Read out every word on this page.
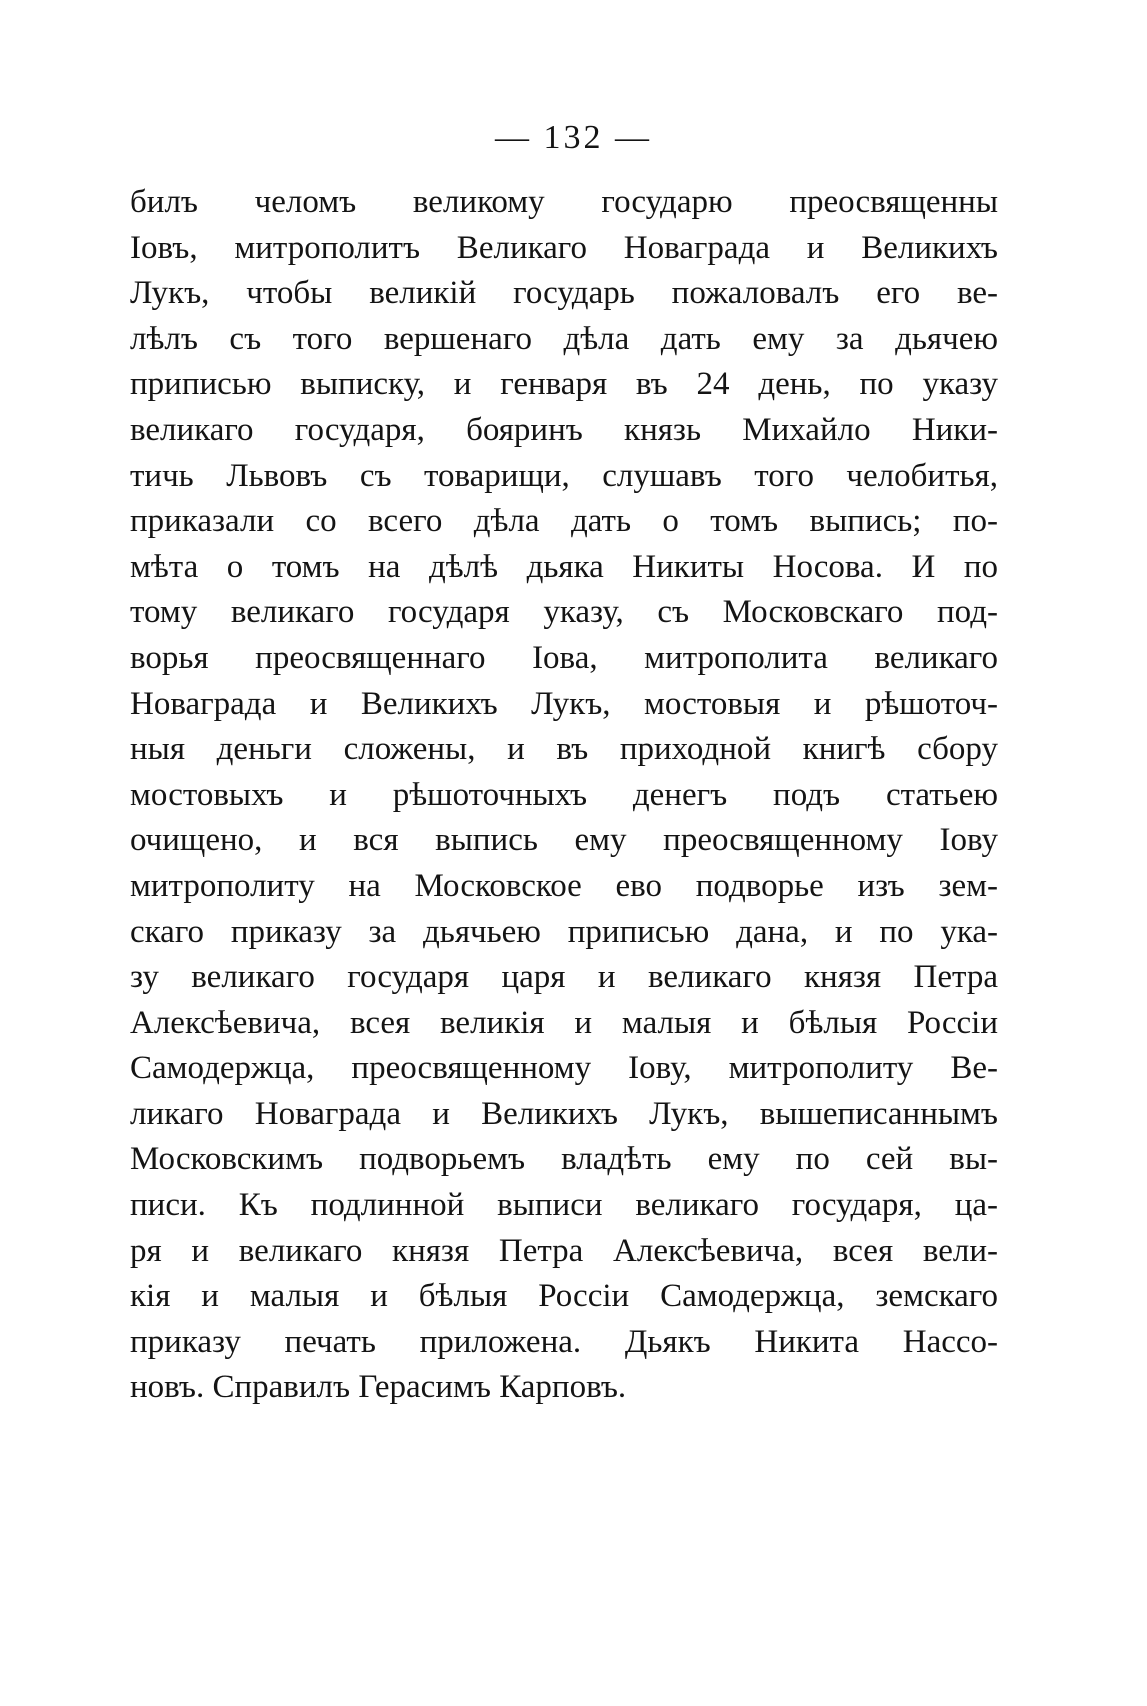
— 132 —
билъ челомъ великому государю преосвященны
Іовъ, митрополитъ Великаго Новаграда и Великихъ
Лукъ, чтобы великій государь пожаловалъ его ве-
лѣлъ съ того вершенаго дѣла дать ему за дьячею
приписью выписку, и генваря въ 24 день, по указу
великаго государя, бояринъ князь Михайло Ники-
тичь Львовъ съ товарищи, слушавъ того челобитья,
приказали со всего дѣла дать о томъ выпись; по-
мѣта о томъ на дѣлѣ дьяка Никиты Носова. И по
тому великаго государя указу, съ Московскаго под-
ворья преосвященнаго Іова, митрополита великаго
Новаграда и Великихъ Лукъ, мостовыя и рѣшоточ-
ныя деньги сложены, и въ приходной книгѣ сбору
мостовыхъ и рѣшоточныхъ денегъ подъ статьею
очищено, и вся выпись ему преосвященному Іову
митрополиту на Московское ево подворье изъ зем-
скаго приказу за дьячьею приписью дана, и по ука-
зу великаго государя царя и великаго князя Петра
Алексѣевича, всея великія и малыя и бѣлыя Россіи
Самодержца, преосвященному Іову, митрополиту Ве-
ликаго Новаграда и Великихъ Лукъ, вышеписаннымъ
Московскимъ подворьемъ владѣть ему по сей вы-
писи. Къ подлинной выписи великаго государя, ца-
ря и великаго князя Петра Алексѣевича, всея вели-
кія и малыя и бѣлыя Россіи Самодержца, земскаго
приказу печать приложена. Дьякъ Никита Нассо-
новъ. Справилъ Герасимъ Карповъ.
